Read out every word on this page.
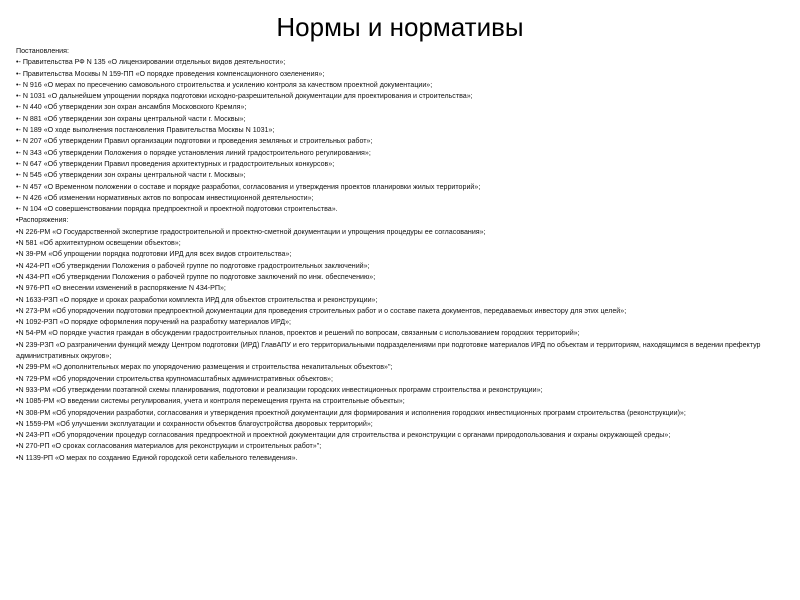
Нормы и нормативы
Постановления:
•- Правительства РФ N 135 «О лицензировании отдельных видов деятельности»;
•- Правительства Москвы N 159-ПП «О порядке проведения компенсационного озеленения»;
•- N 916 «О мерах по пресечению самовольного строительства и усилению контроля за качеством проектной документации»;
•- N 1031 «О дальнейшем упрощении порядка подготовки исходно-разрешительной документации для проектирования и строительства»;
•- N 440 «Об утверждении зон охран ансамбля Московского Кремля»;
•- N 881 «Об утверждении зон охраны центральной части г. Москвы»;
•- N 189 «О ходе выполнения постановления Правительства Москвы N 1031»;
•- N 207 «Об утверждении Правил организации подготовки и проведения земляных и строительных работ»;
•- N 343 «Об утверждении Положения о порядке установления линий градостроительного регулирования»;
•- N 647 «Об утверждении Правил проведения архитектурных и градостроительных конкурсов»;
•- N 545 «Об утверждении зон охраны центральной части г. Москвы»;
•- N 457 «О Временном положении о составе и порядке разработки, согласования и утверждения проектов планировки жилых территорий»;
•- N 426 «Об изменении нормативных актов по вопросам инвестиционной деятельности»;
•- N 104 «О совершенствовании порядка предпроектной и проектной подготовки строительства».
•Распоряжения:
•N 226-РМ «О Государственной экспертизе градостроительной и проектно-сметной документации и упрощения процедуры ее согласования»;
•N 581 «Об архитектурном освещении объектов»;
•N 39-РМ «Об упрощении порядка подготовки ИРД для всех видов строительства»;
•N 424-РП «Об утверждении Положения о рабочей группе по подготовке градостроительных заключений»;
•N 434-РП «Об утверждении Положения о рабочей группе по подготовке заключений по инж. обеспечению»;
•N 976-РП «О внесении изменений в распоряжение N 434-РП»;
•N 1633-РЗП «О порядке и сроках разработки комплекта ИРД для объектов строительства и реконструкции»;
•N 273-РМ «Об упорядочении подготовки предпроектной документации для проведения строительных работ и о составе пакета документов, передаваемых инвестору для этих целей»;
•N 1092-РЗП «О порядке оформления поручений на разработку материалов ИРД»;
•N 54-РМ «О порядке участия граждан в обсуждении градостроительных планов, проектов и решений по вопросам, связанным с использованием городских территорий»;
•N 239-РЗП «О разграничении функций между Центром подготовки (ИРД) ГлавАПУ и его территориальными подразделениями при подготовке материалов ИРД по объектам и территориям, находящимся в ведении префектур административных округов»;
•N 299-РМ «О дополнительных мерах по упорядочению размещения и строительства некапитальных объектов»";
•N 729-РМ «Об упорядочении строительства крупномасштабных административных объектов»;
•N 933-РМ «Об утверждении поэтапной схемы планирования, подготовки и реализации городских инвестиционных программ строительства и реконструкции»;
•N 1085-РМ «О введении системы регулирования, учета и контроля перемещения грунта на строительные объекты»;
•N 308-РМ «Об упорядочении разработки, согласования и утверждения проектной документации для формирования и исполнения городских инвестиционных программ строительства (реконструкции)»;
•N 1559-РМ «Об улучшении эксплуатации и сохранности объектов благоустройства дворовых территорий»;
•N 243-РП «Об упорядочении процедур согласования предпроектной и проектной документации для строительства и реконструкции с органами природопользования и охраны окружающей среды»;
•N 270-РП «О сроках согласования материалов для реконструкции и строительных работ»";
•N 1139-РП «О мерах по созданию Единой городской сети кабельного телевидения».
